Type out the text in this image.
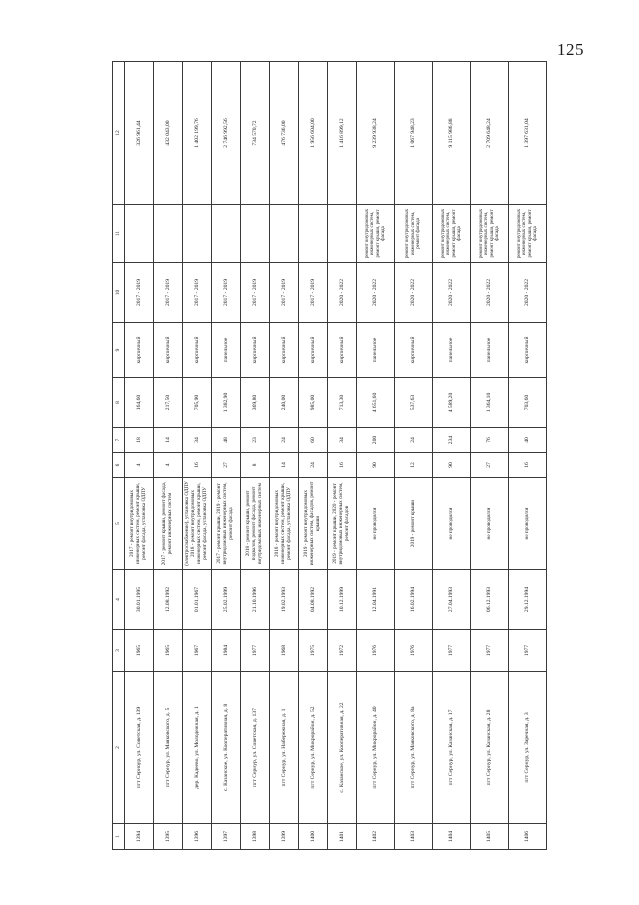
125
1	2	3	4	5	6	7	8	9	10	11	12
1394	пгт Серноур, ул. Советская, д. 139	1965	30.01.1995	2017 - ремонт внутридомовых инженерных систем, ремонт крыши, ремонт фасада, установка ОДПУ	4	18	164,60	кирпичный	2017 - 2019		326 961,44
1395	пгт Сернур, ул. Маяковского, д. 5	1965	12.08.1992	2017 - ремонт крыши, ремонт фасада, ремонт инженерных систем	4	14	217,50	кирпичный	2017 - 2019		432 043,00
1396	дер. Кадеево, ул. Молодежная, д. 1	1967	01.01.1967	(электроснабжение), установка ОДПУ 2018 - ремонт внутридомовых инженерных систем, ремонт крыши, ремонт фасада, установка ОДПУ	16	34	705,90	кирпичный	2017 - 2019		1 402 199,76
1397	с. Казанское, ул. Кооперативная, д. 8	1984	25.02.1999	2017 - ремонт крыши, 2019 - ремонт внутридомовых инженерных систем, ремонт фасада	27	48	1 382,90	панельное	2017 - 2019		2 746 992,56
1398	пгт Сернур, ул. Советская, д. 137	1977	21.10.1996	2018 - ремонт крыши, ремонт подвалов, ремонт фасада, ремонт внутридомовых инженерных систем	8	23	369,80	кирпичный	2017 - 2019		734 570,72
1399	пгт Сернур, ул. Набережная, д. 1	1968	19.02.1993	2018 - ремонт внутридомовых инженерных систем, ремонт крыши, ремонт фасада, установка ОДПУ	14	24	240,00	кирпичный	2017 - 2019		476 736,00
1400	пгт Сернур, ул. Микрорайон, д. 52	1975	04.08.1992	2019 - ремонт внутридомовых инженерных систем, фасадов, ремонт крыши	24	60	985,00	кирпичный	2017 - 2019		1 956 604,00
1401	с. Казанское, ул. Кооперативная, д. 22	1972	10.12.1999	2019 - ремонт крыши, 2020 - ремонт внутридомовых инженерных систем, ремонт фасадов	16	34	713,30	кирпичный	2020 - 2022		1 416 899,12
1402	пгт Сернур, ул. Микрорайон, д. 40	1976	12.04.1991	не проводился	90	200	4 651,60	панельное	2020 - 2022	ремонт внутридомовых инженерных систем, ремонт крыши, ремонт фасада	9 239 938,24
1403	пгт Сернур, ул. Маяковского, д. 8а	1976	16.02.1994	2019 - ремонт крыши	12	24	537,63	кирпичный	2020 - 2022	ремонт внутридомовых инженерных систем, ремонт фасада	1 067 948,23
1404	пгт Сернур, ул. Казанская, д. 17	1977	27.04.1993	не проводился	90	234	4 589,20	панельное	2020 - 2022	ремонт внутридомовых инженерных систем, ремонт крыши, ремонт фасада	9 115 986,88
1405	пгт Сернур, ул. Казанская, д. 28	1977	06.12.1993	не проводился	27	76	1 364,10	панельное	2020 - 2022	ремонт внутридомовых инженерных систем, ремонт крыши, ремонт фасада	2 709 648,24
1406	пгт Сернур, ул. Заречная, д. 3	1977	29.12.1994	не проводился	16	40	703,60	кирпичный	2020 - 2022	ремонт внутридомовых инженерных систем, ремонт крыши, ремонт фасада	1 397 631,04
